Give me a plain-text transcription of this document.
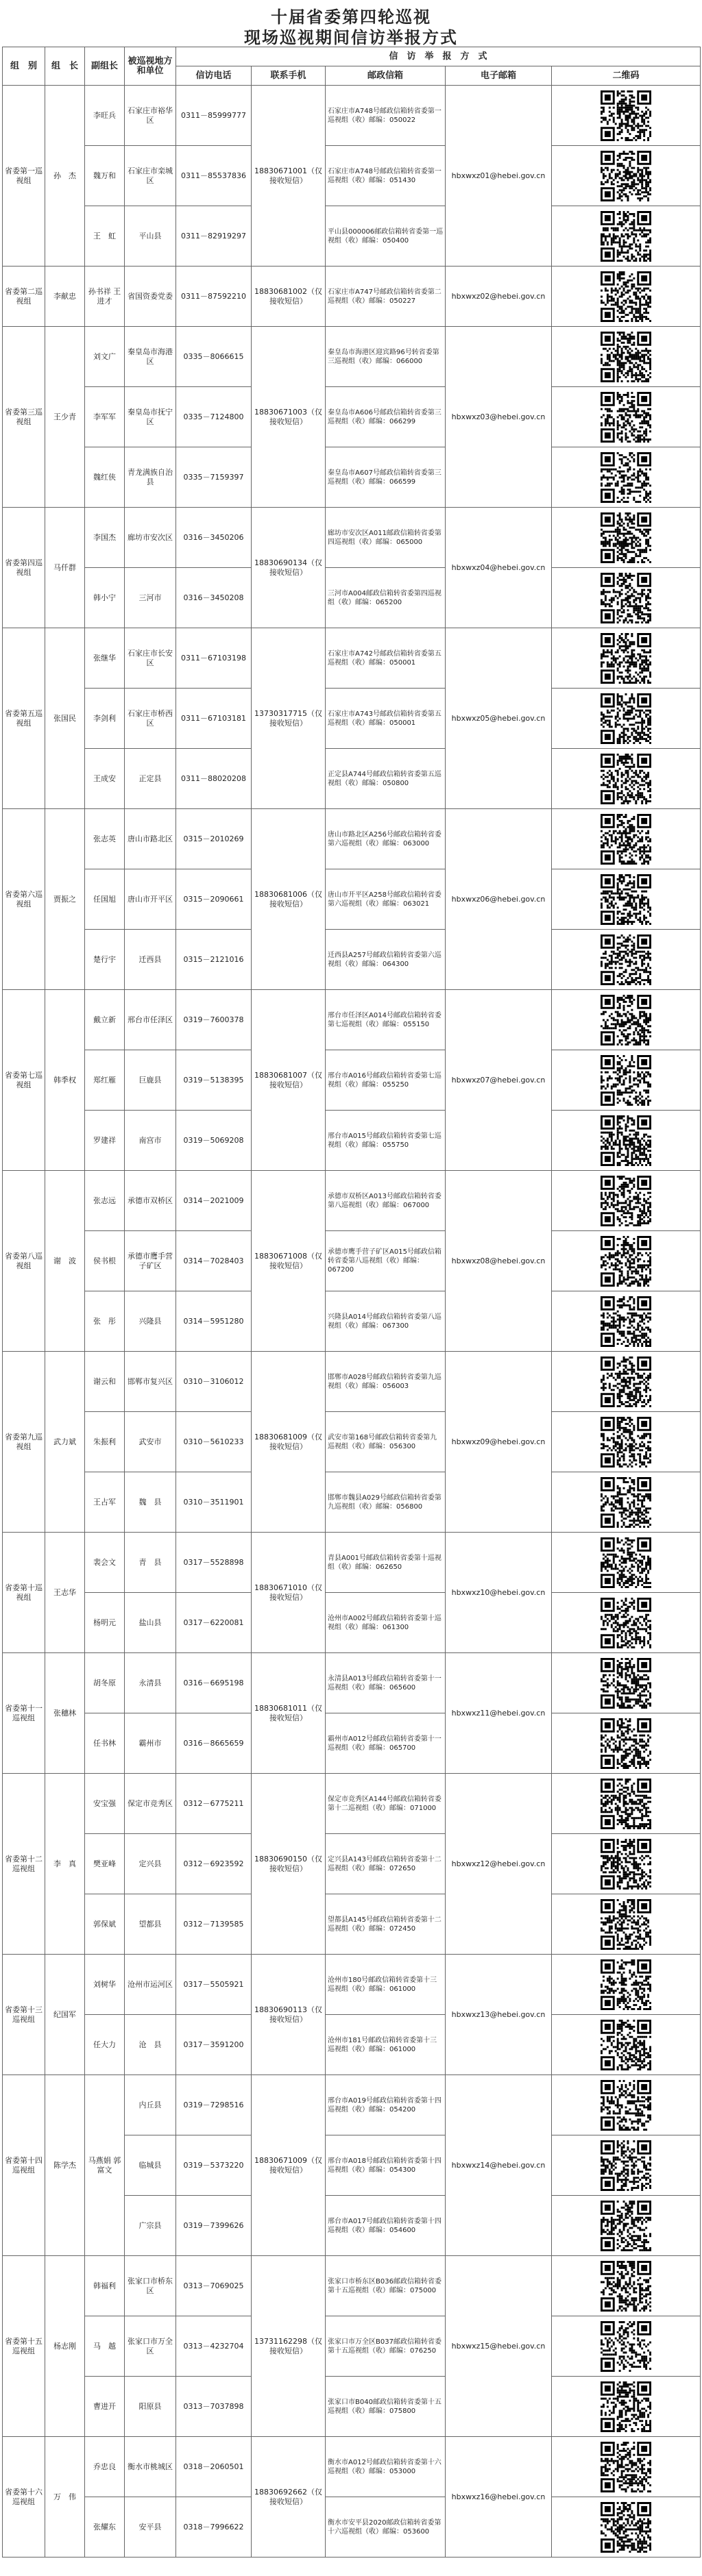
十届省委第四轮巡视
现场巡视期间信访举报方式
组　别	组　长	副组长	被巡视地方和单位	信　访　举　报　方　式				
				信访电话	联系手机	邮政信箱	电子邮箱	二维码
省委第一巡视组	孙　杰	李旺兵	石家庄市裕华区	0311－85999777	18830671001（仅接收短信）	石家庄市A748号邮政信箱转省委第一巡视组（收）邮编：050022	hbxwxz01@hebei.gov.cn	

		魏万和	石家庄市栾城区	0311－85537836		石家庄市A748号邮政信箱转省委第一巡视组（收）邮编：051430	

		王　虹	平山县	0311－82919297		平山县000006邮政信箱转省委第一巡视组（收）邮编：050400	

省委第二巡视组	李献忠	孙书祥 王进才	省国资委党委	0311－87592210	18830681002（仅接收短信）	石家庄市A747号邮政信箱转省委第二巡视组（收）邮编：050227	hbxwxz02@hebei.gov.cn	

省委第三巡视组	王少青	刘文广	秦皇岛市海港区	0335－8066615	18830671003（仅接收短信）	秦皇岛市海港区迎宾路96号转省委第三巡视组（收）邮编：066000	hbxwxz03@hebei.gov.cn	

		李军军	秦皇岛市抚宁区	0335－7124800		秦皇岛市A606号邮政信箱转省委第三巡视组（收）邮编：066299	

		魏红侠	青龙满族自治县	0335－7159397		秦皇岛市A607号邮政信箱转省委第三巡视组（收）邮编：066599	

省委第四巡视组	马仟群	李国杰	廊坊市安次区	0316－3450206	18830690134（仅接收短信）	廊坊市安次区A011邮政信箱转省委第四巡视组（收）邮编：065000	hbxwxz04@hebei.gov.cn	

		韩小宁	三河市	0316－3450208		三河市A004邮政信箱转省委第四巡视组（收）邮编：065200	

省委第五巡视组	张国民	张继华	石家庄市长安区	0311－67103198	13730317715（仅接收短信）	石家庄市A742号邮政信箱转省委第五巡视组（收）邮编：050001	hbxwxz05@hebei.gov.cn	

		李剑利	石家庄市桥西区	0311－67103181		石家庄市A743号邮政信箱转省委第五巡视组（收）邮编：050001	

		王成安	正定县	0311－88020208		正定县A744号邮政信箱转省委第五巡视组（收）邮编：050800	

省委第六巡视组	贾振之	张志英	唐山市路北区	0315－2010269	18830681006（仅接收短信）	唐山市路北区A256号邮政信箱转省委第六巡视组（收）邮编：063000	hbxwxz06@hebei.gov.cn	

		任国旭	唐山市开平区	0315－2090661		唐山市开平区A258号邮政信箱转省委第六巡视组（收）邮编：063021	

		楚行宇	迁西县	0315－2121016		迁西县A257号邮政信箱转省委第六巡视组（收）邮编：064300	

省委第七巡视组	韩季权	戴立新	邢台市任泽区	0319－7600378	18830681007（仅接收短信）	邢台市任泽区A014号邮政信箱转省委第七巡视组（收）邮编：055150	hbxwxz07@hebei.gov.cn	

		郑红雁	巨鹿县	0319－5138395		邢台市A016号邮政信箱转省委第七巡视组（收）邮编：055250	

		罗建祥	南宫市	0319－5069208		邢台市A015号邮政信箱转省委第七巡视组（收）邮编：055750	

省委第八巡视组	谢　波	张志远	承德市双桥区	0314－2021009	18830671008（仅接收短信）	承德市双桥区A013号邮政信箱转省委第八巡视组（收）邮编：067000	hbxwxz08@hebei.gov.cn	

		侯书根	承德市鹰手营子矿区	0314－7028403		承德市鹰手营子矿区A015号邮政信箱转省委第八巡视组（收）邮编：067200	

		张　彤	兴隆县	0314－5951280		兴隆县A014号邮政信箱转省委第八巡视组（收）邮编：067300	

省委第九巡视组	武力斌	谢云和	邯郸市复兴区	0310－3106012	18830681009（仅接收短信）	邯郸市A028号邮政信箱转省委第九巡视组（收）邮编：056003	hbxwxz09@hebei.gov.cn	

		朱振利	武安市	0310－5610233		武安市第168号邮政信箱转省委第九巡视组（收）邮编：056300	

		王占军	魏　县	0310－3511901		邯郸市魏县A029号邮政信箱转省委第九巡视组（收）邮编：056800	

省委第十巡视组	王志华	裴会文	青　县	0317－5528898	18830671010（仅接收短信）	青县A001号邮政信箱转省委第十巡视组（收）邮编：062650	hbxwxz10@hebei.gov.cn	

		杨明元	盐山县	0317－6220081		沧州市A002号邮政信箱转省委第十巡视组（收）邮编：061300	

省委第十一巡视组	张穗林	胡冬原	永清县	0316－6695198	18830681011（仅接收短信）	永清县A013号邮政信箱转省委第十一巡视组（收）邮编：065600	hbxwxz11@hebei.gov.cn	

		任书林	霸州市	0316－8665659		霸州市A012号邮政信箱转省委第十一巡视组（收）邮编：065700	

省委第十二巡视组	李　真	安宝强	保定市竞秀区	0312－6775211	18830690150（仅接收短信）	保定市竞秀区A144号邮政信箱转省委第十二巡视组（收）邮编：071000	hbxwxz12@hebei.gov.cn	

		樊亚峰	定兴县	0312－6923592		定兴县A143号邮政信箱转省委第十二巡视组（收）邮编：072650	

		郭保斌	望都县	0312－7139585		望都县A145号邮政信箱转省委第十二巡视组（收）邮编：072450	

省委第十三巡视组	纪国军	刘树华	沧州市运河区	0317－5505921	18830690113（仅接收短信）	沧州市180号邮政信箱转省委第十三巡视组（收）邮编：061000	hbxwxz13@hebei.gov.cn	

		任大力	沧　县	0317－3591200		沧州市181号邮政信箱转省委第十三巡视组（收）邮编：061000	

省委第十四巡视组	陈学杰	马燕娟 郭富文	内丘县	0319－7298516	18830671009（仅接收短信）	邢台市A019号邮政信箱转省委第十四巡视组（收）邮编：054200	hbxwxz14@hebei.gov.cn	

			临城县	0319－5373220		邢台市A018号邮政信箱转省委第十四巡视组（收）邮编：054300	

			广宗县	0319－7399626		邢台市A017号邮政信箱转省委第十四巡视组（收）邮编：054600	

省委第十五巡视组	杨志刚	韩福利	张家口市桥东区	0313－7069025	13731162298（仅接收短信）	张家口市桥东区B036邮政信箱转省委第十五巡视组（收）邮编：075000	hbxwxz15@hebei.gov.cn	

		马　越	张家口市万全区	0313－4232704		张家口市万全区B037邮政信箱转省委第十五巡视组（收）邮编：076250	

		曹进开	阳原县	0313－7037898		张家口市B040邮政信箱转省委第十五巡视组（收）邮编：075800	

省委第十六巡视组	万　伟	乔忠良	衡水市桃城区	0318－2060501	18830692662（仅接收短信）	衡水市A012号邮政信箱转省委第十六巡视组（收）邮编：053000	hbxwxz16@hebei.gov.cn	

		张耀东	安平县	0318－7996622		衡水市安平县2020邮政信箱转省委第十六巡视组（收）邮编：053600	
